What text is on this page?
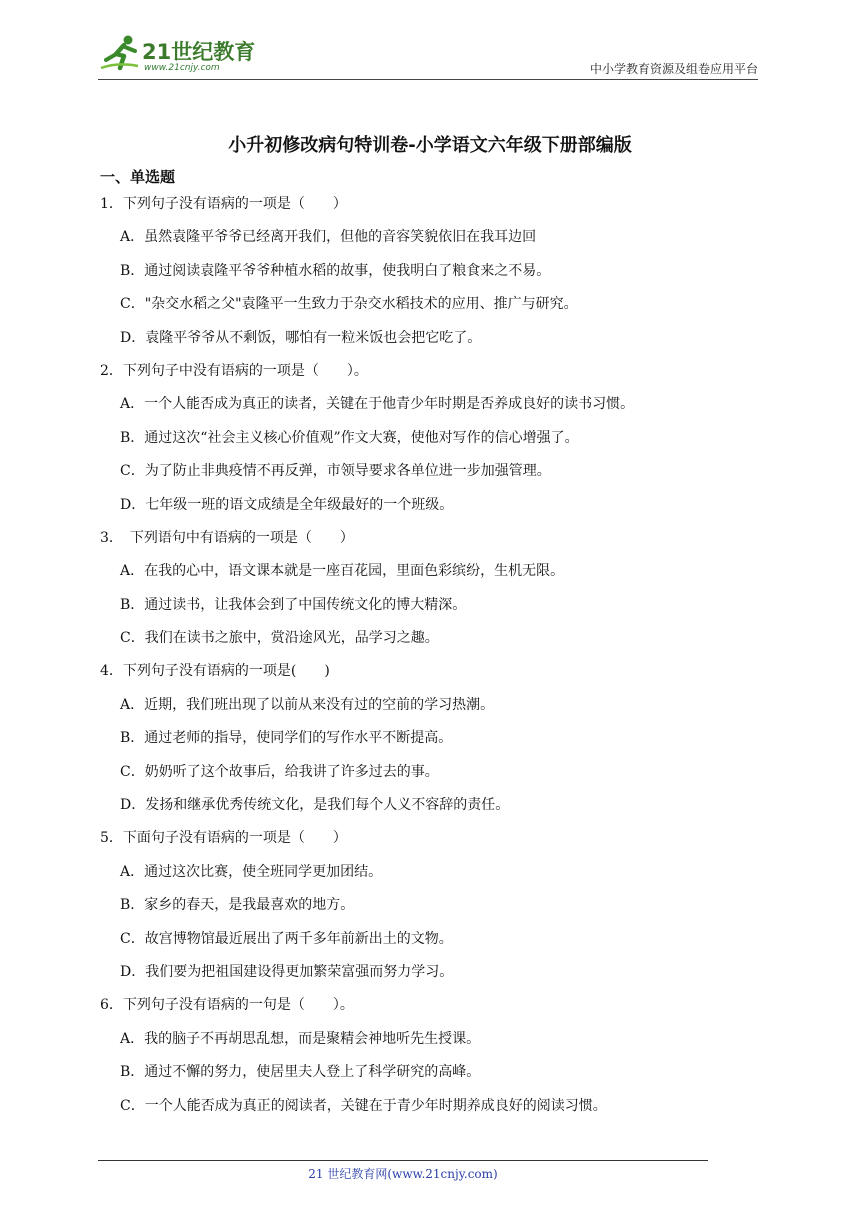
21世纪教育
www.21cnjy.com	中小学教育资源及组卷应用平台
小升初修改病句特训卷-小学语文六年级下册部编版
一、单选题
1．下列句子没有语病的一项是（　　）
A．虽然袁隆平爷爷已经离开我们，但他的音容笑貌依旧在我耳边回
B．通过阅读袁隆平爷爷种植水稻的故事，使我明白了粮食来之不易。
C．"杂交水稻之父"袁隆平一生致力于杂交水稻技术的应用、推广与研究。
D．袁隆平爷爷从不剩饭，哪怕有一粒米饭也会把它吃了。
2．下列句子中没有语病的一项是（　　）。
A．一个人能否成为真正的读者，关键在于他青少年时期是否养成良好的读书习惯。
B．通过这次“社会主义核心价值观”作文大赛，使他对写作的信心增强了。
C．为了防止非典疫情不再反弹，市领导要求各单位进一步加强管理。
D．七年级一班的语文成绩是全年级最好的一个班级。
3．　下列语句中有语病的一项是（　　）
A．在我的心中，语文课本就是一座百花园，里面色彩缤纷，生机无限。
B．通过读书，让我体会到了中国传统文化的博大精深。
C．我们在读书之旅中，赏沿途风光，品学习之趣。
4．下列句子没有语病的一项是(　　)
A．近期，我们班出现了以前从来没有过的空前的学习热潮。
B．通过老师的指导，使同学们的写作水平不断提高。
C．奶奶听了这个故事后，给我讲了许多过去的事。
D．发扬和继承优秀传统文化，是我们每个人义不容辞的责任。
5．下面句子没有语病的一项是（　　）
A．通过这次比赛，使全班同学更加团结。
B．家乡的春天，是我最喜欢的地方。
C．故宫博物馆最近展出了两千多年前新出土的文物。
D．我们要为把祖国建设得更加繁荣富强而努力学习。
6．下列句子没有语病的一句是（　　）。
A．我的脑子不再胡思乱想，而是聚精会神地听先生授课。
B．通过不懈的努力，使居里夫人登上了科学研究的高峰。
C．一个人能否成为真正的阅读者，关键在于青少年时期养成良好的阅读习惯。
21 世纪教育网(www.21cnjy.com)
